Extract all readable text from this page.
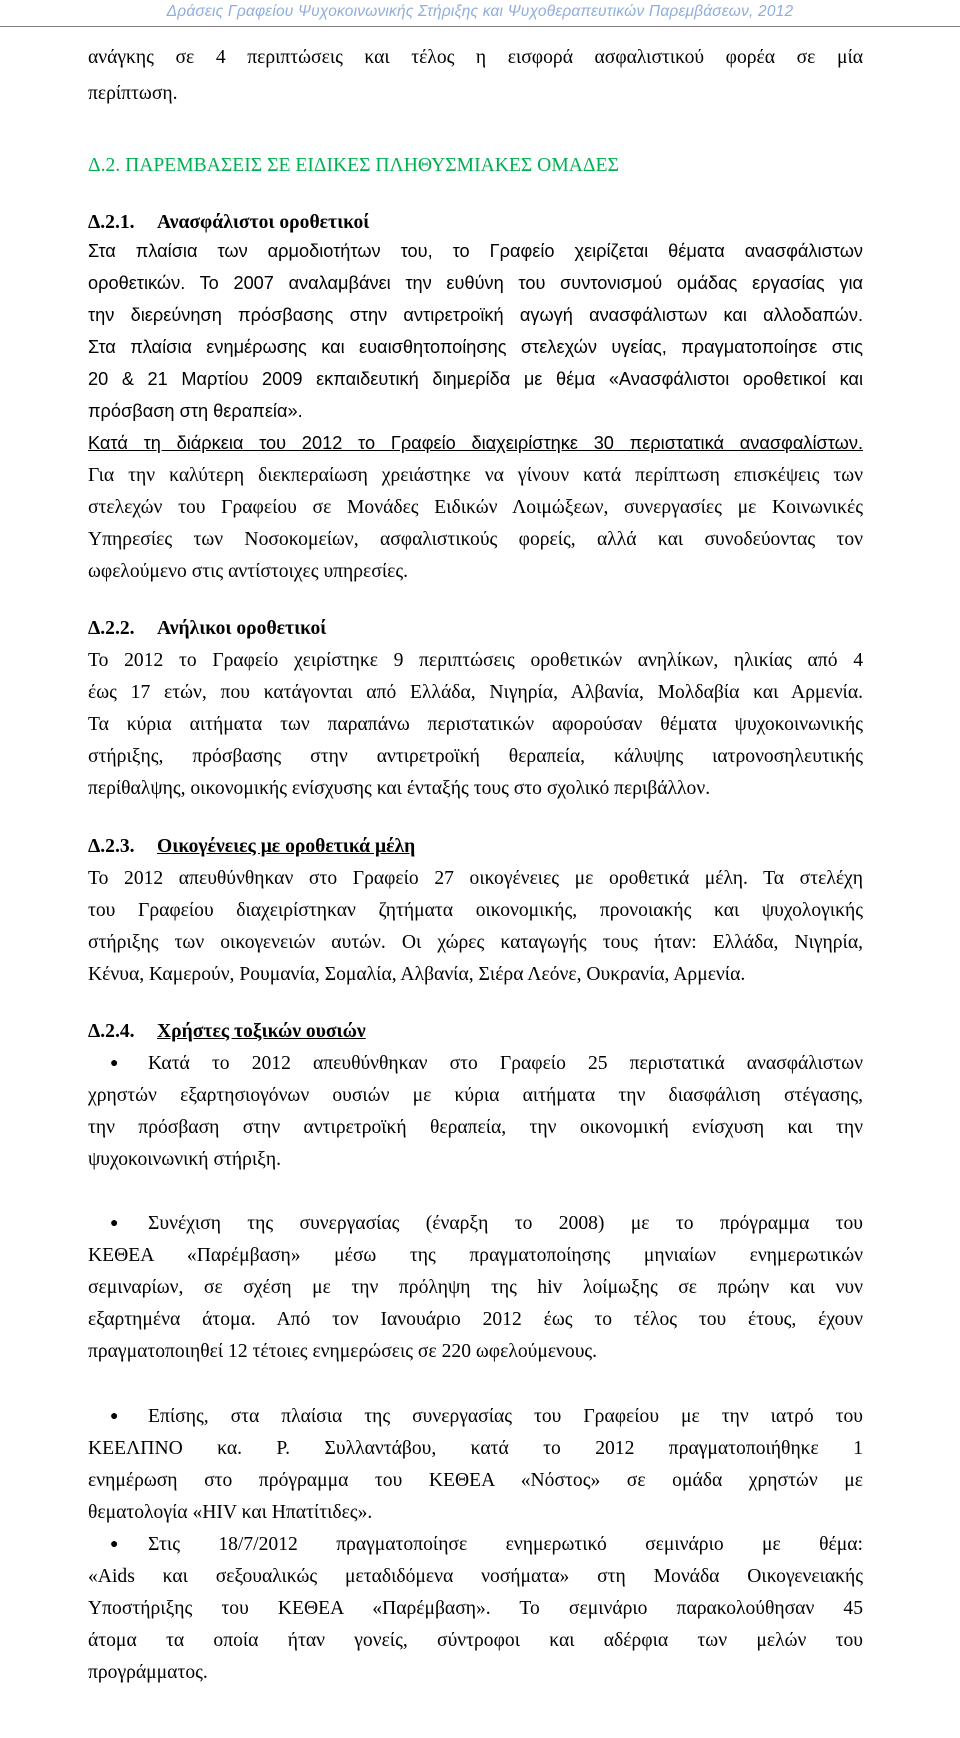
Δράσεις Γραφείου Ψυχοκοινωνικής Στήριξης και Ψυχοθεραπευτικών Παρεμβάσεων, 2012
ανάγκης σε 4 περιπτώσεις και τέλος η εισφορά ασφαλιστικού φορέα σε μία
περίπτωση.
Δ.2. ΠΑΡΕΜΒΑΣΕΙΣ ΣΕ ΕΙΔΙΚΕΣ ΠΛΗΘΥΣΜΙΑΚΕΣ ΟΜΑΔΕΣ
Δ.2.1. Ανασφάλιστοι οροθετικοί
Στα πλαίσια των αρμοδιοτήτων του, το Γραφείο χειρίζεται θέματα ανασφάλιστων
οροθετικών. Το 2007 αναλαμβάνει την ευθύνη του συντονισμού ομάδας εργασίας για
την διερεύνηση πρόσβασης στην αντιρετροϊκή αγωγή ανασφάλιστων και αλλοδαπών.
Στα πλαίσια ενημέρωσης και ευαισθητοποίησης στελεχών υγείας, πραγματοποίησε στις
20 & 21 Μαρτίου 2009 εκπαιδευτική διημερίδα με θέμα «Ανασφάλιστοι οροθετικοί και
πρόσβαση στη θεραπεία».
Κατά τη διάρκεια του 2012 το Γραφείο διαχειρίστηκε 30 περιστατικά ανασφαλίστων.
Για την καλύτερη διεκπεραίωση χρειάστηκε να γίνουν κατά περίπτωση επισκέψεις των
στελεχών του Γραφείου σε Μονάδες Ειδικών Λοιμώξεων, συνεργασίες με Κοινωνικές
Υπηρεσίες των Νοσοκομείων, ασφαλιστικούς φορείς, αλλά και συνοδεύοντας τον
ωφελούμενο στις αντίστοιχες υπηρεσίες.
Δ.2.2. Ανήλικοι οροθετικοί
Το 2012 το Γραφείο χειρίστηκε 9 περιπτώσεις οροθετικών ανηλίκων, ηλικίας από 4
έως 17 ετών, που κατάγονται από Ελλάδα, Νιγηρία, Αλβανία, Μολδαβία και Αρμενία.
Τα κύρια αιτήματα των παραπάνω περιστατικών αφορούσαν θέματα ψυχοκοινωνικής
στήριξης, πρόσβασης στην αντιρετροϊκή θεραπεία, κάλυψης ιατρονοσηλευτικής
περίθαλψης, οικονομικής ενίσχυσης και ένταξής τους στο σχολικό περιβάλλον.
Δ.2.3. Οικογένειες με οροθετικά μέλη
Το 2012 απευθύνθηκαν στο Γραφείο 27 οικογένειες με οροθετικά μέλη. Τα στελέχη
του Γραφείου διαχειρίστηκαν ζητήματα οικονομικής, προνοιακής και ψυχολογικής
στήριξης των οικογενειών αυτών. Οι χώρες καταγωγής τους ήταν: Ελλάδα, Νιγηρία,
Κένυα, Καμερούν, Ρουμανία, Σομαλία, Αλβανία, Σιέρα Λεόνε, Ουκρανία, Αρμενία.
Δ.2.4. Χρήστες τοξικών ουσιών
● Κατά το 2012 απευθύνθηκαν στο Γραφείο 25 περιστατικά ανασφάλιστων
χρηστών εξαρτησιογόνων ουσιών με κύρια αιτήματα την διασφάλιση στέγασης,
την πρόσβαση στην αντιρετροϊκή θεραπεία, την οικονομική ενίσχυση και την
ψυχοκοινωνική στήριξη.
● Συνέχιση της συνεργασίας (έναρξη το 2008) με το πρόγραμμα του
ΚΕΘΕΑ «Παρέμβαση» μέσω της πραγματοποίησης μηνιαίων ενημερωτικών
σεμιναρίων, σε σχέση με την πρόληψη της hiv λοίμωξης σε πρώην και νυν
εξαρτημένα άτομα. Από τον Ιανουάριο 2012 έως το τέλος του έτους, έχουν
πραγματοποιηθεί 12 τέτοιες ενημερώσεις σε 220 ωφελούμενους.
● Επίσης, στα πλαίσια της συνεργασίας του Γραφείου με την ιατρό του
ΚΕΕΛΠΝΟ κα. Ρ. Συλλαντάβου, κατά το 2012 πραγματοποιήθηκε 1
ενημέρωση στο πρόγραμμα του ΚΕΘΕΑ «Νόστος» σε ομάδα χρηστών με
θεματολογία «HIV και Ηπατίτιδες».
● Στις 18/7/2012 πραγματοποίησε ενημερωτικό σεμινάριο με θέμα:
«Aids και σεξουαλικώς μεταδιδόμενα νοσήματα» στη Μονάδα Οικογενειακής
Υποστήριξης του ΚΕΘΕΑ «Παρέμβαση». Το σεμινάριο παρακολούθησαν 45
άτομα τα οποία ήταν γονείς, σύντροφοι και αδέρφια των μελών του
προγράμματος.
